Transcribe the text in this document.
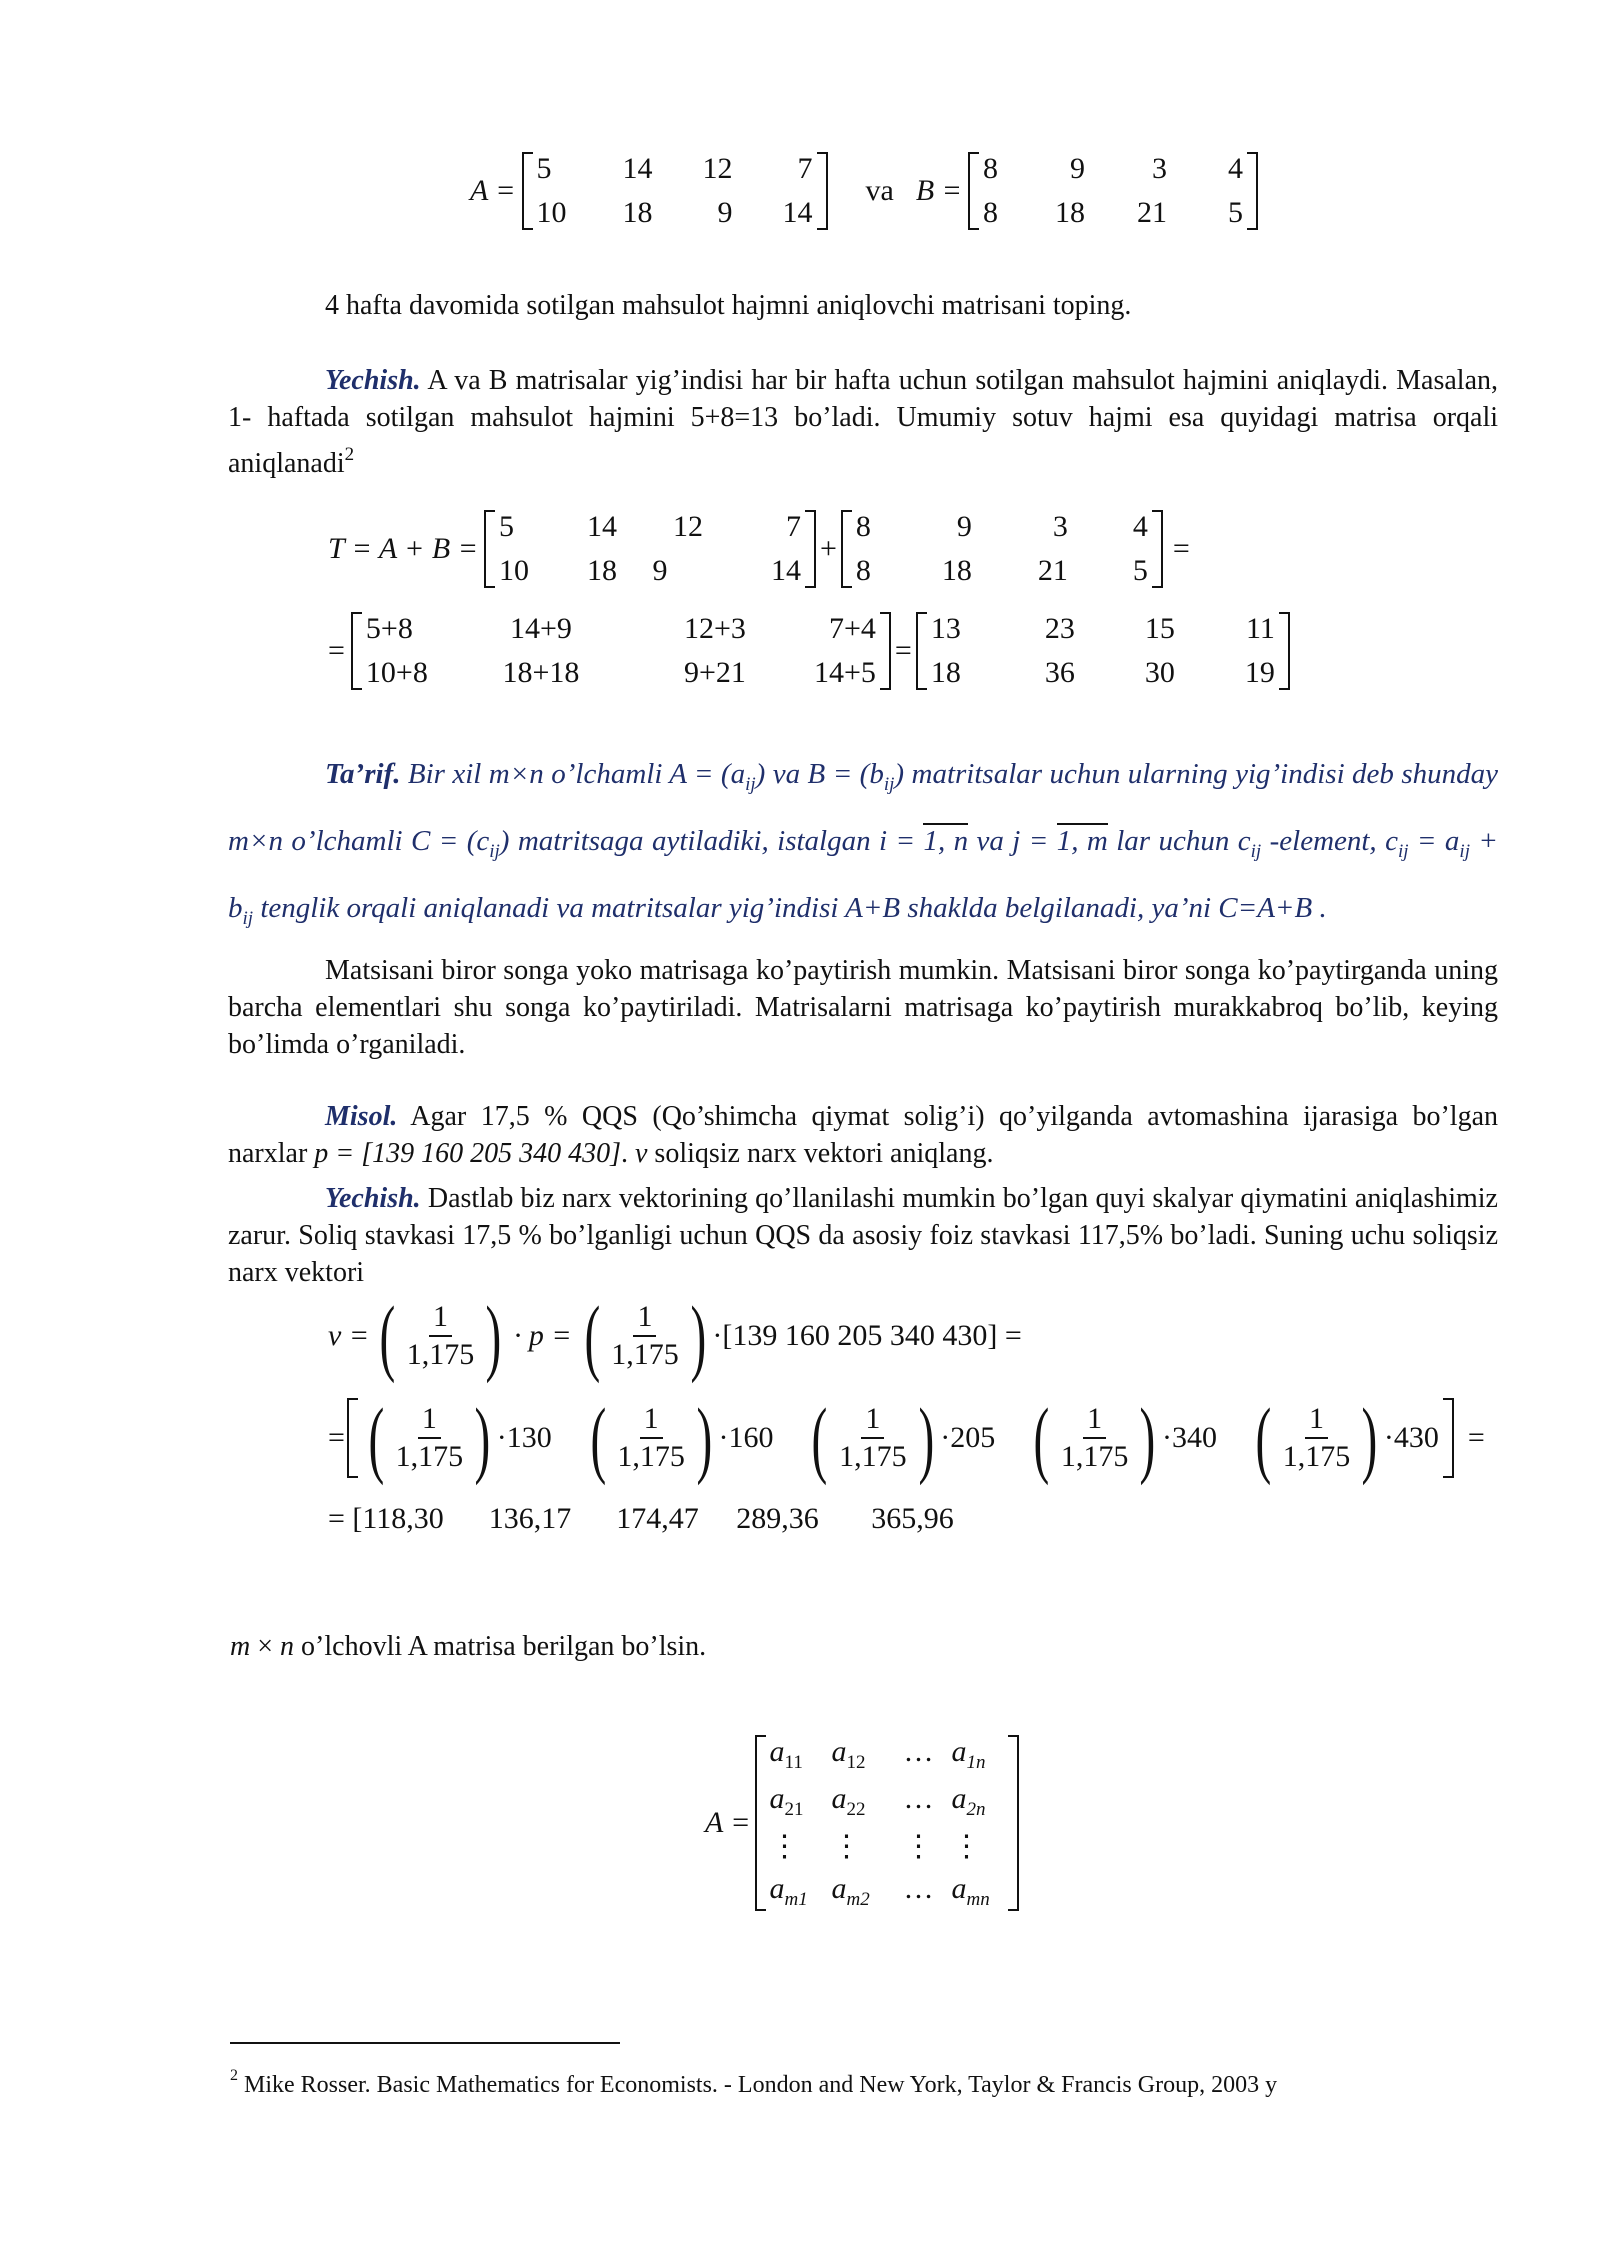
A =
5	14	12	7
10	18	9	14
va B =
8	9	3	4
8	18	21	5
4 hafta davomida sotilgan mahsulot hajmni aniqlovchi matrisani toping.
Yechish. A va B matrisalar yig’indisi har bir hafta uchun sotilgan mahsulot hajmini aniqlaydi. Masalan, 1- haftada sotilgan mahsulot hajmini 5+8=13 bo’ladi. Umumiy sotuv hajmi esa quyidagi matrisa orqali aniqlanadi$^2$
T = A + B =
5	14	12	7
10	18	9	14
+
8	9	3	4
8	18	21	5
=
=
5+8	14+9	12+3	7+4
10+8	18+18	9+21	14+5
=
13	23	15	11
18	36	30	19
Ta’rif. Bir xil m×n o’lchamli $A = (a_{ij})$ va $B = (b_{ij})$ matritsalar uchun ularning yig’indisi deb shunday m×n o’lchamli $C = (c_{ij})$ matritsaga aytiladiki, istalgan i = 1, n va j = 1, m lar uchun $c_{ij}$ -element, $c_{ij} = a_{ij} + b_{ij}$ tenglik orqali aniqlanadi va matritsalar yig’indisi A+B shaklda belgilanadi, ya’ni C=A+B .
Matsisani biror songa yoko matrisaga ko’paytirish mumkin. Matsisani biror songa ko’paytirganda uning barcha elementlari shu songa ko’paytiriladi. Matrisalarni matrisaga ko’paytirish murakkabroq bo’lib, keying bo’limda o’rganiladi.
Misol. Agar 17,5 % QQS (Qo’shimcha qiymat solig’i) qo’yilganda avtomashina ijarasiga bo’lgan narxlar p = [139 160 205 340 430]. v soliqsiz narx vektori aniqlang.
Yechish. Dastlab biz narx vektorining qo’llanilashi mumkin bo’lgan quyi skalyar qiymatini aniqlashimiz zarur. Soliq stavkasi 17,5 % bo’lganligi uchun QQS da asosiy foiz stavkasi 117,5% bo’ladi. Suning uchu soliqsiz narx vektori
v = ( $\frac{1}{1,175}$ ) · p = ( $\frac{1}{1,175}$ ) ·[139 160 205 340 430] =
= ( $\frac{1}{1,175}$ ) ·130 ( $\frac{1}{1,175}$ ) ·160 ( $\frac{1}{1,175}$ ) ·205 ( $\frac{1}{1,175}$ ) ·340 ( $\frac{1}{1,175}$ ) ·430 =
= [118,30      136,17      174,47     289,36       365,96
m × n o’lchovli A matrisa berilgan bo’lsin.
A =
$a_{11}$ $a_{12}$	… $a_{1n}$
$a_{21}$ $a_{22}$	… $a_{2n}$
⋮	⋮	⋮ ⋮
$a_{m1}$ $a_{m2}$	… $a_{mn}$
$^2$ Mike Rosser. Basic Mathematics for Economists. - London and New York, Taylor & Francis Group, 2003 y
